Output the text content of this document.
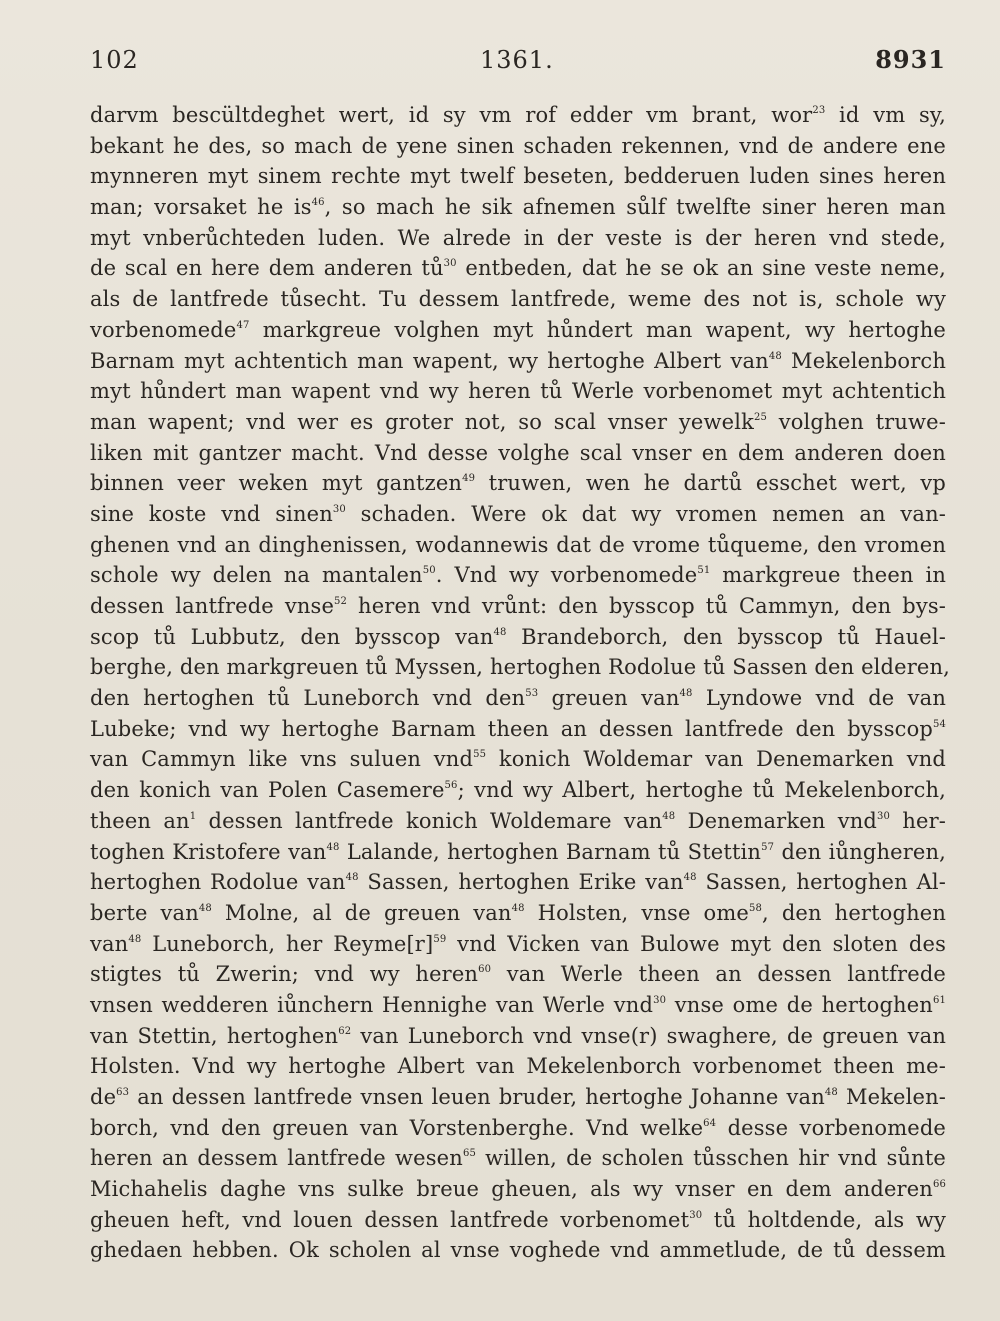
102	1361.	8931
darvm bescültdeghet wert, id sy vm rof edder vm brant, wor$^{23}$ id vm sy,
bekant he des, so mach de yene sinen schaden rekennen, vnd de andere ene
mynneren myt sinem rechte myt twelf beseten, bedderuen luden sines heren
man; vorsaket he $is^{46}$, so mach he sik afnemen sůlf twelfte siner heren man
myt vnberůchteden luden. We alrede in der veste is der heren vnd stede,
de scal en here dem anderen $tů^{30}$ entbeden, dat he se ok an sine veste neme,
als de lantfrede tůsecht. Tu dessem lantfrede, weme des not is, schole wy
vorbenomede$^{47}$ markgreue volghen myt hůndert man wapent, wy hertoghe
Barnam myt achtentich man wapent, wy hertoghe Albert van$^{48}$ Mekelenborch
myt hůndert man wapent vnd wy heren tů Werle vorbenomet myt achtentich
man wapent; vnd wer es groter not, so scal vnser yewelk$^{25}$ volghen truwe-
liken mit gantzer macht. Vnd desse volghe scal vnser en dem anderen doen
binnen veer weken myt gantzen$^{49}$ truwen, wen he dartů esschet wert, vp
sine koste vnd sinen$^{30}$ schaden. Were ok dat wy vromen nemen an van-
ghenen vnd an dinghenissen, wodannewis dat de vrome tůqueme, den vromen
schole wy delen na mantalen$^{50}$. Vnd wy vorbenomede$^{51}$ markgreue theen in
dessen lantfrede vnse$^{52}$ heren vnd vrůnt: den bysscop tů Cammyn, den bys-
scop tů Lubbutz, den bysscop van$^{48}$ Brandeborch, den bysscop tů Hauel-
berghe, den markgreuen tů Myssen, hertoghen Rodolue tů Sassen den elderen,
den hertoghen tů Luneborch vnd den$^{53}$ greuen van$^{48}$ Lyndowe vnd de van
Lubeke; vnd wy hertoghe Barnam theen an dessen lantfrede den bysscop$^{54}$
van Cammyn like vns suluen vnd$^{55}$ konich Woldemar van Denemarken vnd
den konich van Polen Casemere$^{56}$; vnd wy Albert, hertoghe tů Mekelenborch,
theen $an^1$ dessen lantfrede konich Woldemare van$^{48}$ Denemarken vnd$^{30}$ her-
toghen Kristofere van$^{48}$ Lalande, hertoghen Barnam tů Stettin$^{57}$ den iůngheren,
hertoghen Rodolue van$^{48}$ Sassen, hertoghen Erike van$^{48}$ Sassen, hertoghen Al-
berte van$^{48}$ Molne, al de greuen van$^{48}$ Holsten, vnse ome$^{58}$, den hertoghen
van$^{48}$ Luneborch, her $Reyme[r]^{59}$ vnd Vicken van Bulowe myt den sloten des
stigtes tů Zwerin; vnd wy heren$^{60}$ van Werle theen an dessen lantfrede
vnsen wedderen iůnchern Hennighe van Werle vnd$^{30}$ vnse ome de hertoghen$^{61}$
van Stettin, hertoghen$^{62}$ van Luneborch vnd vnse(r) swaghere, de greuen van
Holsten. Vnd wy hertoghe Albert van Mekelenborch vorbenomet theen me-
$de^{63}$ an dessen lantfrede vnsen leuen bruder, hertoghe Johanne van$^{48}$ Mekelen-
borch, vnd den greuen van Vorstenberghe. Vnd welke$^{64}$ desse vorbenomede
heren an dessem lantfrede wesen$^{65}$ willen, de scholen tůsschen hir vnd sůnte
Michahelis daghe vns sulke breue gheuen, als wy vnser en dem anderen$^{66}$
gheuen heft, vnd louen dessen lantfrede vorbenomet$^{30}$ tů holtdende, als wy
ghedaen hebben. Ok scholen al vnse voghede vnd ammetlude, de tů dessem
